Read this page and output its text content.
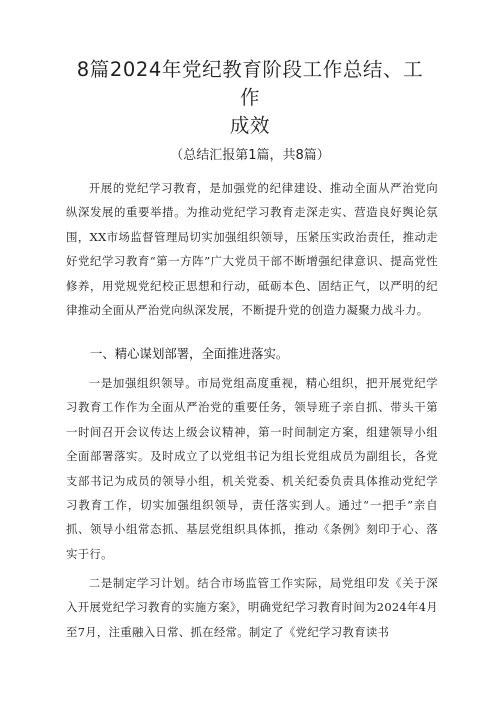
8篇2024年党纪教育阶段工作总结、工作
成效
（总结汇报第1篇，共8篇）

开展的党纪学习教育，是加强党的纪律建设、推动全面从严治党向纵深发展的重要举措。为推动党纪学习教育走深走实、营造良好舆论氛围，XX市场监督管理局切实加强组织领导，压紧压实政治责任，推动走好党纪学习教育“第一方阵”广大党员干部不断增强纪律意识、提高党性修养，用党规党纪校正思想和行动，砥砺本色、固结正气，以严明的纪律推动全面从严治党向纵深发展，不断提升党的创造力凝聚力战斗力。

一、精心谋划部署，全面推进落实。

一是加强组织领导。市局党组高度重视，精心组织，把开展党纪学习教育工作作为全面从严治党的重要任务，领导班子亲自抓、带头干第一时间召开会议传达上级会议精神，第一时间制定方案，组建领导小组全面部署落实。及时成立了以党组书记为组长党组成员为副组长，各党支部书记为成员的领导小组，机关党委、机关纪委负责具体推动党纪学习教育工作，切实加强组织领导，责任落实到人。通过“一把手”亲自抓、领导小组常态抓、基层党组织具体抓，推动《条例》刻印于心、落实于行。

二是制定学习计划。结合市场监管工作实际，局党组印发《关于深入开展党纪学习教育的实施方案》，明确党纪学习教育时间为2024年4月至7月，注重融入日常、抓在经常。制定了《党纪学习教育读书
